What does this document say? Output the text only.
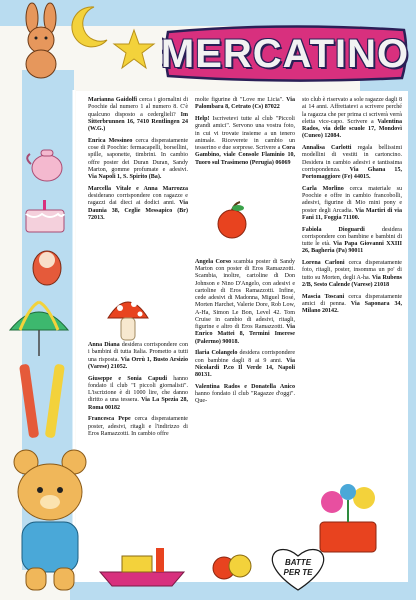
MERCATINO
BATTE
PER TE

Marianna Gaidolfi cerca i giornalini di Poochie dal numero 1 al numero 8. C'è qualcuno disposto a cederglieli? Im Sitterbrunnen 16, 7410 Rentlingen 24 (W.G.)

Enrica Messineo cerca disperatamente cose di Poochie: fermacapelli, borsellini, spille, saponette, timbrini. In cambio offre poster dei Duran Duran, Sandy Marton, gomme profumate e adesivi. Via Napoli 1, S. Spirito (Ba).

Marcella Vitale e Anna Marrozza desiderano corrispondere con ragazze e ragazzi dai dieci ai dodici anni. Via Daunia 38, Ceglie Messapico (Br) 72013.

Anna Diana desidera corrispondere con i bambini di tutta Italia. Prometto a tutti una risposta. Via Orrù 1, Busto Arsizio (Varese) 21052.

Giuseppe e Sonia Capudi hanno fondato il club "I piccoli giornalisti". L'iscrizione è di 1000 lire, che danno diritto a una tessera. Via La Spezia 28, Roma 00182

Francesca Pepe cerca disperatamente poster, adesivi, ritagli e l'indirizzo di Eros Ramazzotti. In cambio offre

molte figurine di "Love me Licia". Via Palombara 8, Cetrato (Cs) 87022

Help! Iscrivetevi tutte al club "Piccoli grandi amici". Servono una vostra foto, in cui vi trovate insieme a un tenero animale. Riceverete in cambio un tesserino e due sorprese. Scrivere a Cora Gambino, viale Console Flaminio 10, Tuoro sul Trasimeno (Perugia) 06069

Angela Corso scambia poster di Sandy Marton con poster di Eros Ramazzotti. Scambia, inoltre, cartoline di Don Johnson e Nino D'Angelo, con adesivi e cartoline di Eros Ramazzotti. Infine, cede adesivi di Madonna, Miguel Bosé, Morten Harchet, Valerie Dore, Rob Low, A-Ha, Simon Le Bon, Level 42. Tom Cruise in cambio di adesivi, ritagli, figurine e altro di Eros Ramazzotti. Via Enrico Mattei 8, Termini Imerese (Palermo) 90018.

Ilaria Colangelo desidera corrispondere con bambine dagli 8 ai 9 anni. Via Nicolardi P.co Il Verde 14, Napoli 80131.

Valentina Rados e Donatella Anico hanno fondato il club "Ragazze d'oggi". Que-

sto club è riservato a sole ragazze dagli 8 ai 14 anni. Affrettatevi a scrivere perché la ragazza che per prima ci scriverà verrà eletta vice-capo. Scrivere a Valentina Rados, via delle scuole 17, Mondovì (Cuneo) 12084.

Annalisa Carlotti regala bellissimi modellini di vestiti in cartoncino. Desidera in cambio adesivi e tantissima corrispondenza. Via Ghana 15, Portomaggiore (Fe) 44015.

Carla Morlino cerca materiale su Poochie e offre in cambio francobolli, adesivi, figurine di Mio mini pony e poster degli Arcadia. Via Martiri di via Fani 11, Foggia 71100.

Fabiola Dioguardi desidera corrispondere con bambine e bambini di tutte le età. Via Papa Giovanni XXIII 26, Bagheria (Pa) 90011

Lorena Carloni cerca disperatamente foto, ritagli, poster, insomma un po' di tutto su Morten, degli A-ha. Via Rubens 2/B, Sesto Calende (Varese) 21018

Mascia Toscani cerca disperatamente amici di penna. Via Saponara 34, Milano 20142.
